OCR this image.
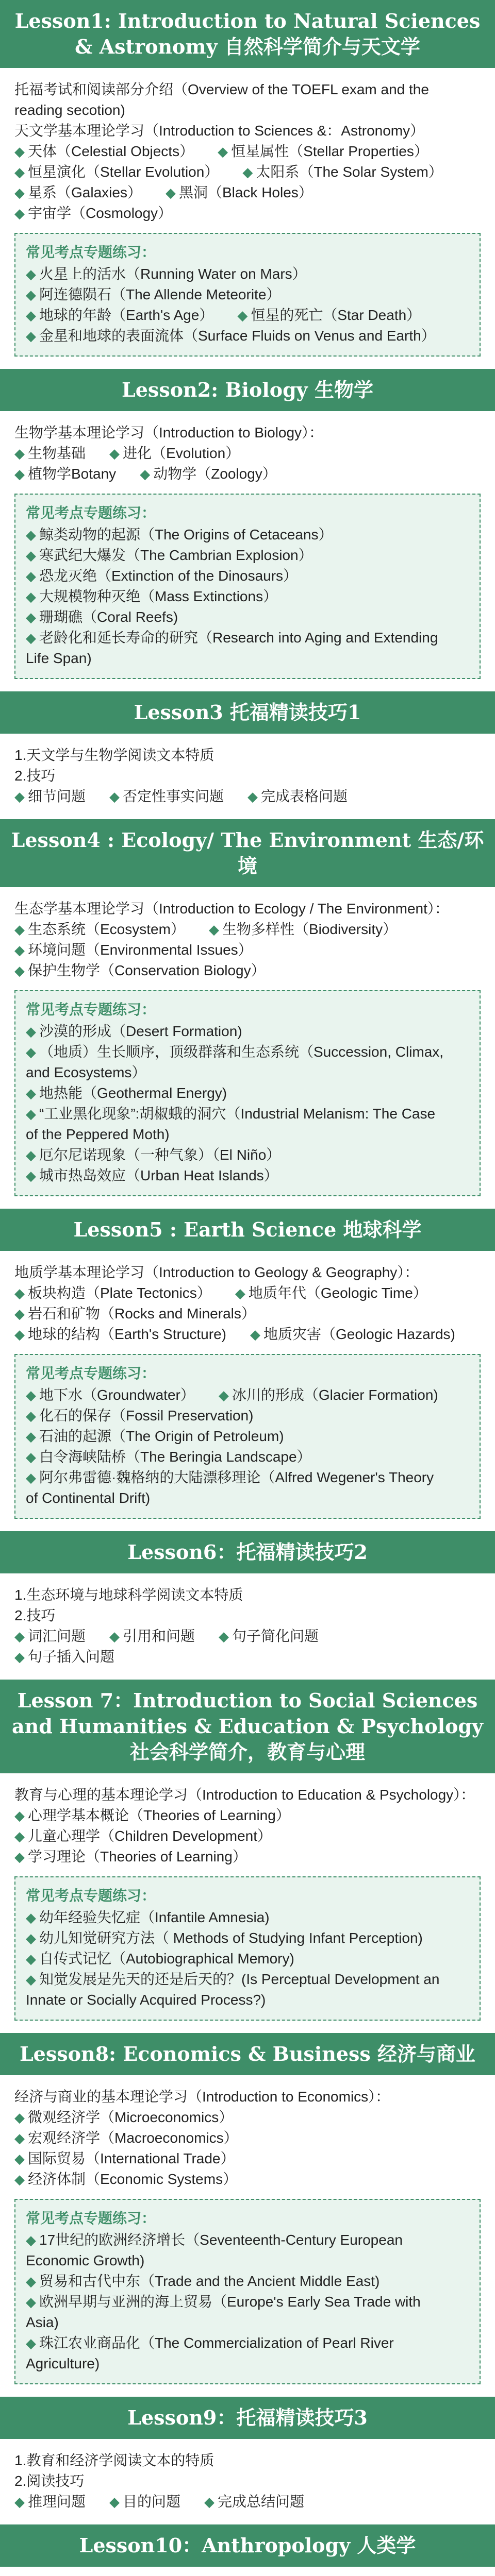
Lesson1: Introduction to Natural Sciences & Astronomy 自然科学简介与天文学
托福考试和阅读部分介绍（Overview of the TOEFL exam and the reading secotion)
天文学基本理论学习（Introduction to Sciences &：Astronomy）
◆ 天体（Celestial Objects） ◆ 恒星属性（Stellar Properties）
◆ 恒星演化（Stellar Evolution） ◆ 太阳系（The Solar System）
◆ 星系（Galaxies） ◆ 黑洞（Black Holes）
◆ 宇宙学（Cosmology）
常见考点专题练习：
◆ 火星上的活水（Running Water on Mars）
◆ 阿连德陨石（The Allende Meteorite）
◆ 地球的年龄（Earth's Age） ◆ 恒星的死亡（Star Death）
◆ 金星和地球的表面流体（Surface Fluids on Venus and Earth）
Lesson2: Biology 生物学
生物学基本理论学习（Introduction to Biology）：
◆ 生物基础 ◆ 进化（Evolution）
◆ 植物学Botany ◆ 动物学（Zoology）
常见考点专题练习：
◆ 鲸类动物的起源（The Origins of Cetaceans）
◆ 寒武纪大爆发（The Cambrian Explosion）
◆ 恐龙灭绝（Extinction of the Dinosaurs）
◆ 大规模物种灭绝（Mass Extinctions）◆ 珊瑚礁（Coral Reefs)
◆ 老龄化和延长寿命的研究（Research into Aging and Extending Life Span)
Lesson3 托福精读技巧1
1.天文学与生物学阅读文本特质
2.技巧
◆ 细节问题 ◆ 否定性事实问题 ◆ 完成表格问题
Lesson4 : Ecology/ The Environment 生态/环境
生态学基本理论学习（Introduction to Ecology / The Environment）：
◆ 生态系统（Ecosystem） ◆ 生物多样性（Biodiversity）
◆ 环境问题（Environmental Issues）
◆ 保护生物学（Conservation Biology）
常见考点专题练习：
◆ 沙漠的形成（Desert Formation)
◆ （地质）生长顺序，顶级群落和生态系统（Succession, Climax, and Ecosystems）◆ 地热能（Geothermal Energy)
◆ “工业黑化现象”:胡椒蛾的洞穴（Industrial Melanism: The Case of the Peppered Moth)
◆ 厄尔尼诺现象（一种气象）（El Niño）
◆ 城市热岛效应（Urban Heat Islands）
Lesson5 : Earth Science 地球科学
地质学基本理论学习（Introduction to Geology & Geography）：
◆ 板块构造（Plate Tectonics） ◆ 地质年代（Geologic Time）
◆ 岩石和矿物（Rocks and Minerals）
◆ 地球的结构（Earth's Structure) ◆ 地质灾害（Geologic Hazards)
常见考点专题练习：
◆ 地下水（Groundwater） ◆ 冰川的形成（Glacier Formation)
◆ 化石的保存（Fossil Preservation)
◆ 石油的起源（The Origin of Petroleum)
◆ 白令海峡陆桥（The Beringia Landscape）
◆ 阿尔弗雷德·魏格纳的大陆漂移理论（Alfred Wegener's Theory of Continental Drift)
Lesson6：托福精读技巧2
1.生态环境与地球科学阅读文本特质
2.技巧
◆ 词汇问题 ◆ 引用和问题 ◆ 句子简化问题
◆ 句子插入问题
Lesson 7：Introduction to Social Sciences and Humanities & Education & Psychology 社会科学简介，教育与心理
教育与心理的基本理论学习（Introduction to Education & Psychology）：
◆ 心理学基本概论（Theories of Learning）
◆ 儿童心理学（Children Development）
◆ 学习理论（Theories of Learning）
常见考点专题练习：
◆ 幼年经验失忆症（Infantile Amnesia)
◆ 幼儿知觉研究方法（ Methods of Studying Infant Perception)
◆ 自传式记忆（Autobiographical Memory)
◆ 知觉发展是先天的还是后天的？(Is Perceptual Development an Innate or Socially Acquired Process?)
Lesson8: Economics & Business 经济与商业
经济与商业的基本理论学习（Introduction to Economics）：
◆ 微观经济学（Microeconomics）◆ 宏观经济学（Macroeconomics）
◆ 国际贸易（International Trade）◆ 经济体制（Economic Systems）
常见考点专题练习：
◆ 17世纪的欧洲经济增长（Seventeenth-Century European Economic Growth)
◆ 贸易和古代中东（Trade and the Ancient Middle East)
◆ 欧洲早期与亚洲的海上贸易（Europe's Early Sea Trade with Asia)
◆ 珠江农业商品化（The Commercialization of Pearl River Agriculture)
Lesson9：托福精读技巧3
1.教育和经济学阅读文本的特质
2.阅读技巧
◆ 推理问题 ◆ 目的问题 ◆ 完成总结问题
Lesson10：Anthropology 人类学
